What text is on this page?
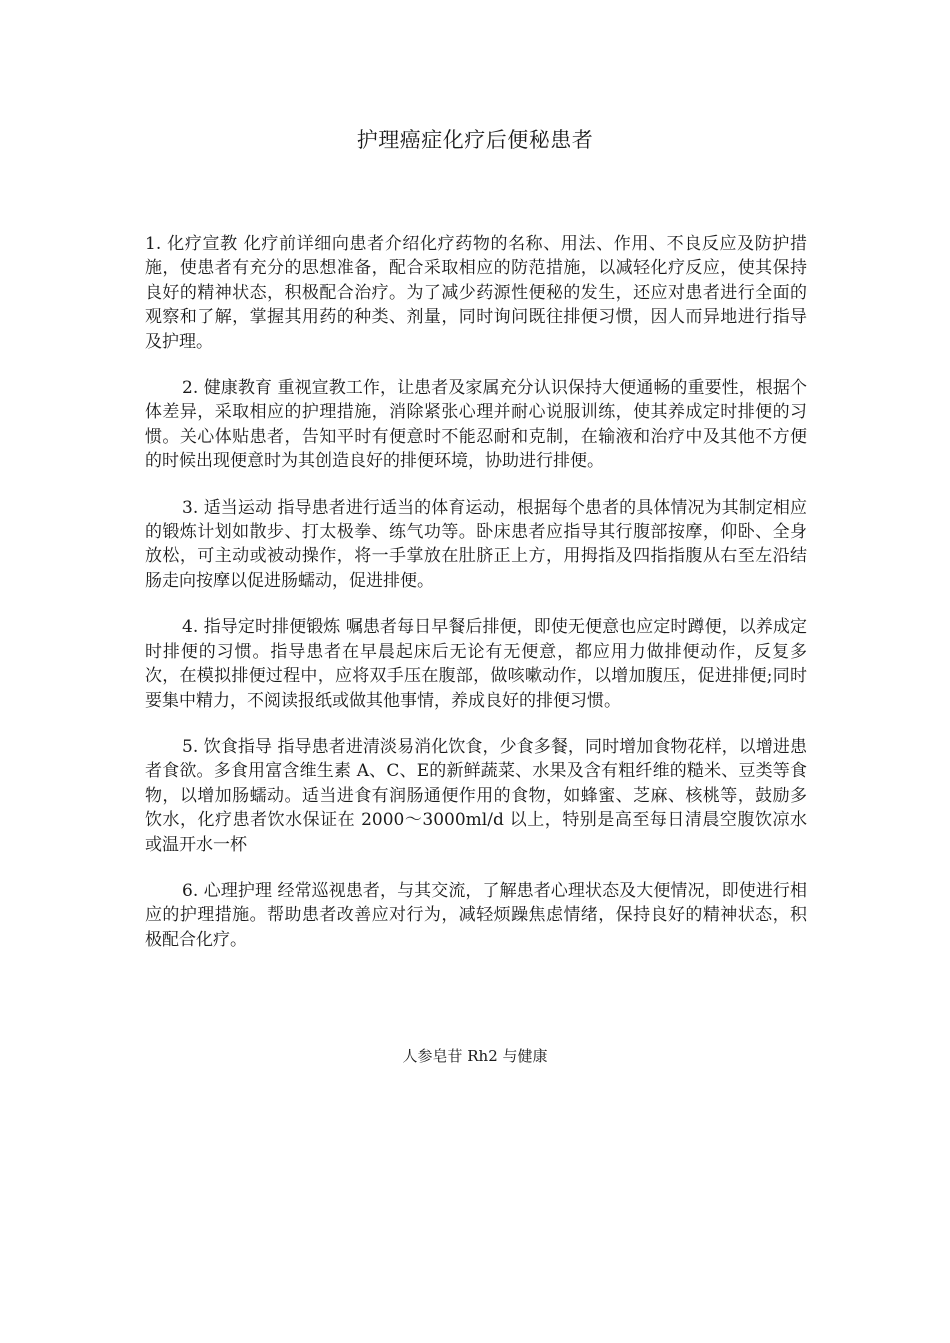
护理癌症化疗后便秘患者

1. 化疗宣教 化疗前详细向患者介绍化疗药物的名称、用法、作用、不良反应及防护措施，使患者有充分的思想准备，配合采取相应的防范措施，以减轻化疗反应，使其保持良好的精神状态，积极配合治疗。为了减少药源性便秘的发生，还应对患者进行全面的观察和了解，掌握其用药的种类、剂量，同时询问既往排便习惯，因人而异地进行指导及护理。

2. 健康教育 重视宣教工作，让患者及家属充分认识保持大便通畅的重要性，根据个体差异，采取相应的护理措施，消除紧张心理并耐心说服训练，使其养成定时排便的习惯。关心体贴患者，告知平时有便意时不能忍耐和克制，在输液和治疗中及其他不方便的时候出现便意时为其创造良好的排便环境，协助进行排便。

3. 适当运动 指导患者进行适当的体育运动，根据每个患者的具体情况为其制定相应的锻炼计划如散步、打太极拳、练气功等。卧床患者应指导其行腹部按摩，仰卧、全身放松，可主动或被动操作，将一手掌放在肚脐正上方，用拇指及四指指腹从右至左沿结肠走向按摩以促进肠蠕动，促进排便。

4. 指导定时排便锻炼 嘱患者每日早餐后排便，即使无便意也应定时蹲便，以养成定时排便的习惯。指导患者在早晨起床后无论有无便意，都应用力做排便动作，反复多次，在模拟排便过程中，应将双手压在腹部，做咳嗽动作，以增加腹压，促进排便;同时要集中精力，不阅读报纸或做其他事情，养成良好的排便习惯。

5. 饮食指导 指导患者进清淡易消化饮食，少食多餐，同时增加食物花样，以增进患者食欲。多食用富含维生素 A、C、E的新鲜蔬菜、水果及含有粗纤维的糙米、豆类等食物，以增加肠蠕动。适当进食有润肠通便作用的食物，如蜂蜜、芝麻、核桃等，鼓励多饮水，化疗患者饮水保证在 2000～3000ml/d 以上，特别是高至每日清晨空腹饮凉水或温开水一杯

6. 心理护理 经常巡视患者，与其交流，了解患者心理状态及大便情况，即使进行相应的护理措施。帮助患者改善应对行为，减轻烦躁焦虑情绪，保持良好的精神状态，积极配合化疗。

人参皂苷 Rh2 与健康
